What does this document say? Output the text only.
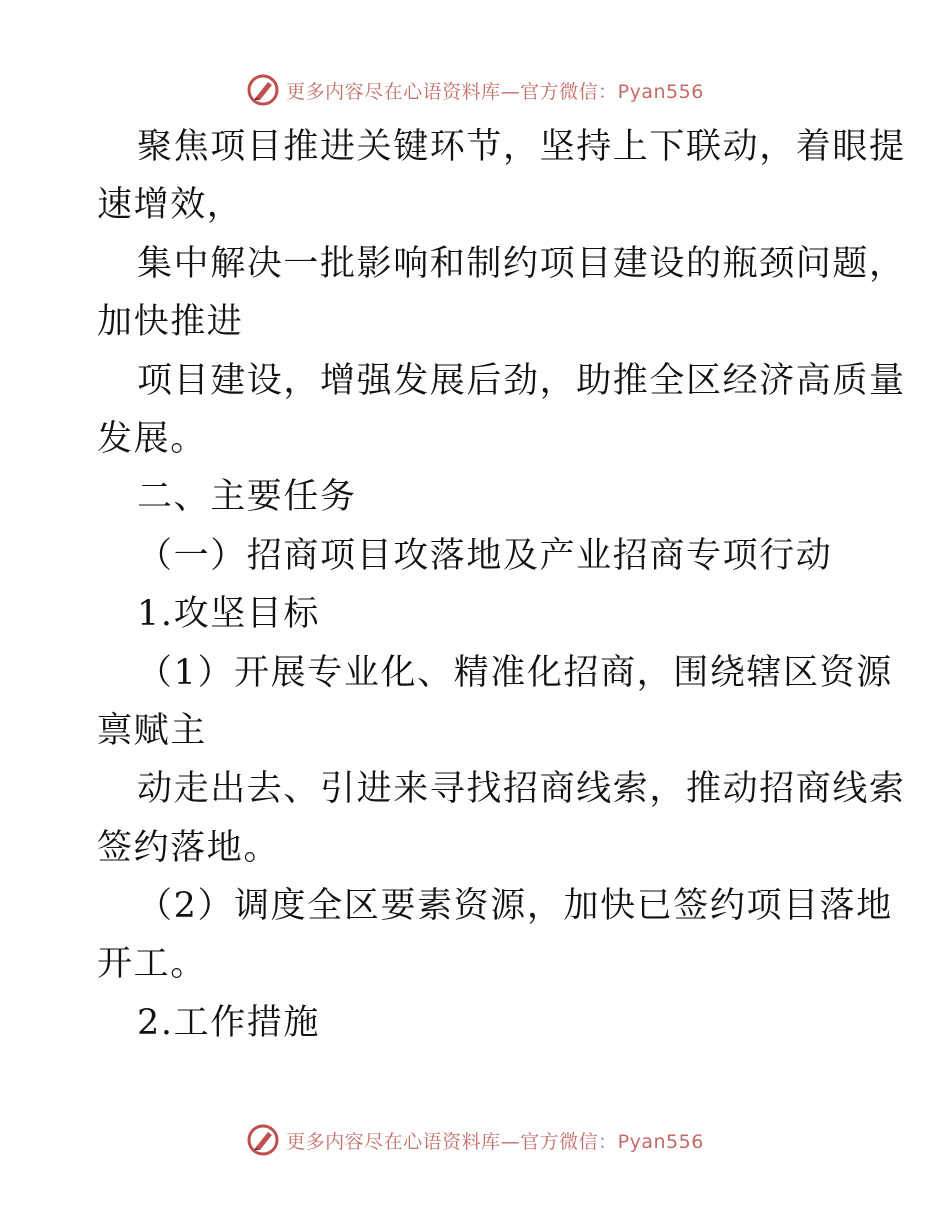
更多内容尽在心语资料库—官方微信：Pyan556
聚焦项目推进关键环节，坚持上下联动，着眼提
速增效，
集中解决一批影响和制约项目建设的瓶颈问题，
加快推进
项目建设，增强发展后劲，助推全区经济高质量
发展。
二、主要任务
（一）招商项目攻落地及产业招商专项行动
1.攻坚目标
（1）开展专业化、精准化招商，围绕辖区资源
禀赋主
动走出去、引进来寻找招商线索，推动招商线索
签约落地。
（2）调度全区要素资源，加快已签约项目落地
开工。
2.工作措施
更多内容尽在心语资料库—官方微信：Pyan556
